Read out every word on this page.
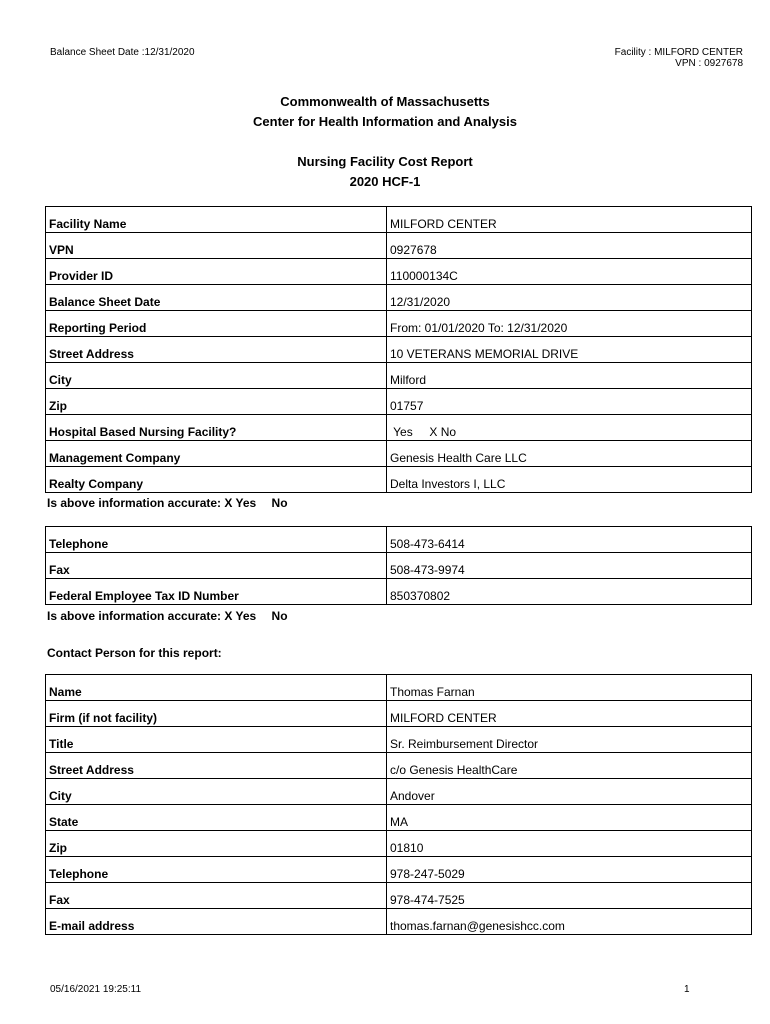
Balance Sheet Date :12/31/2020	Facility : MILFORD CENTER
VPN : 0927678
Commonwealth of Massachusetts
Center for Health Information and Analysis
Nursing Facility Cost Report
2020 HCF-1
Facility Name	MILFORD CENTER
VPN	0927678
Provider ID	110000134C
Balance Sheet Date	12/31/2020
Reporting Period	From: 01/01/2020 To: 12/31/2020
Street Address	10 VETERANS MEMORIAL DRIVE
City	Milford
Zip	01757
Hospital Based Nursing Facility?	Yes     X No
Management Company	Genesis Health Care LLC
Realty Company	Delta Investors I, LLC
Is above information accurate: X Yes No
Telephone	508-473-6414
Fax	508-473-9974
Federal Employee Tax ID Number	850370802
Is above information accurate: X Yes No
Contact Person for this report:
Name	Thomas Farnan
Firm (if not facility)	MILFORD CENTER
Title	Sr. Reimbursement Director
Street Address	c/o Genesis HealthCare
City	Andover
State	MA
Zip	01810
Telephone	978-247-5029
Fax	978-474-7525
E-mail address	thomas.farnan@genesishcc.com
05/16/2021 19:25:11	1
